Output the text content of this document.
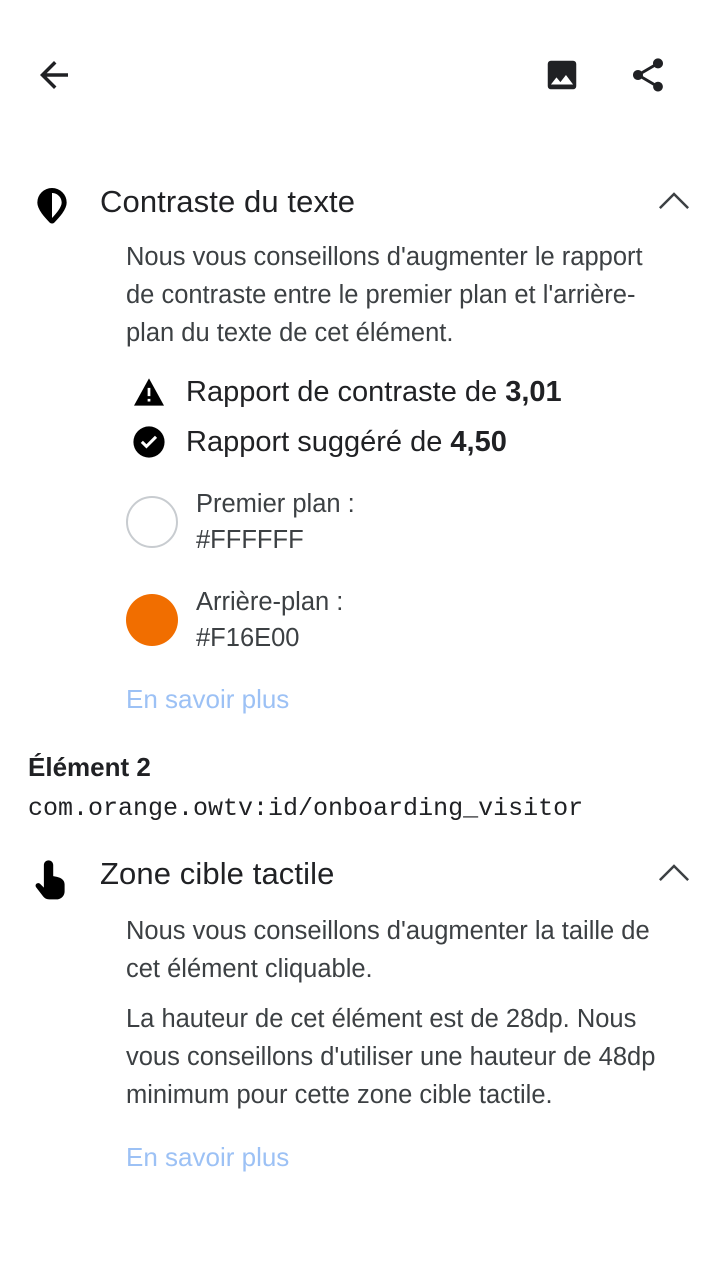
Contraste du texte
Nous vous conseillons d'augmenter le rapport de contraste entre le premier plan et l'arrière-plan du texte de cet élément.
Rapport de contraste de 3,01
Rapport suggéré de 4,50
Premier plan :
#FFFFFF
Arrière-plan :
#F16E00
En savoir plus
Élément 2
com.orange.owtv:id/onboarding_visitor
Zone cible tactile
Nous vous conseillons d'augmenter la taille de cet élément cliquable.
La hauteur de cet élément est de 28dp. Nous vous conseillons d'utiliser une hauteur de 48dp minimum pour cette zone cible tactile.
En savoir plus
